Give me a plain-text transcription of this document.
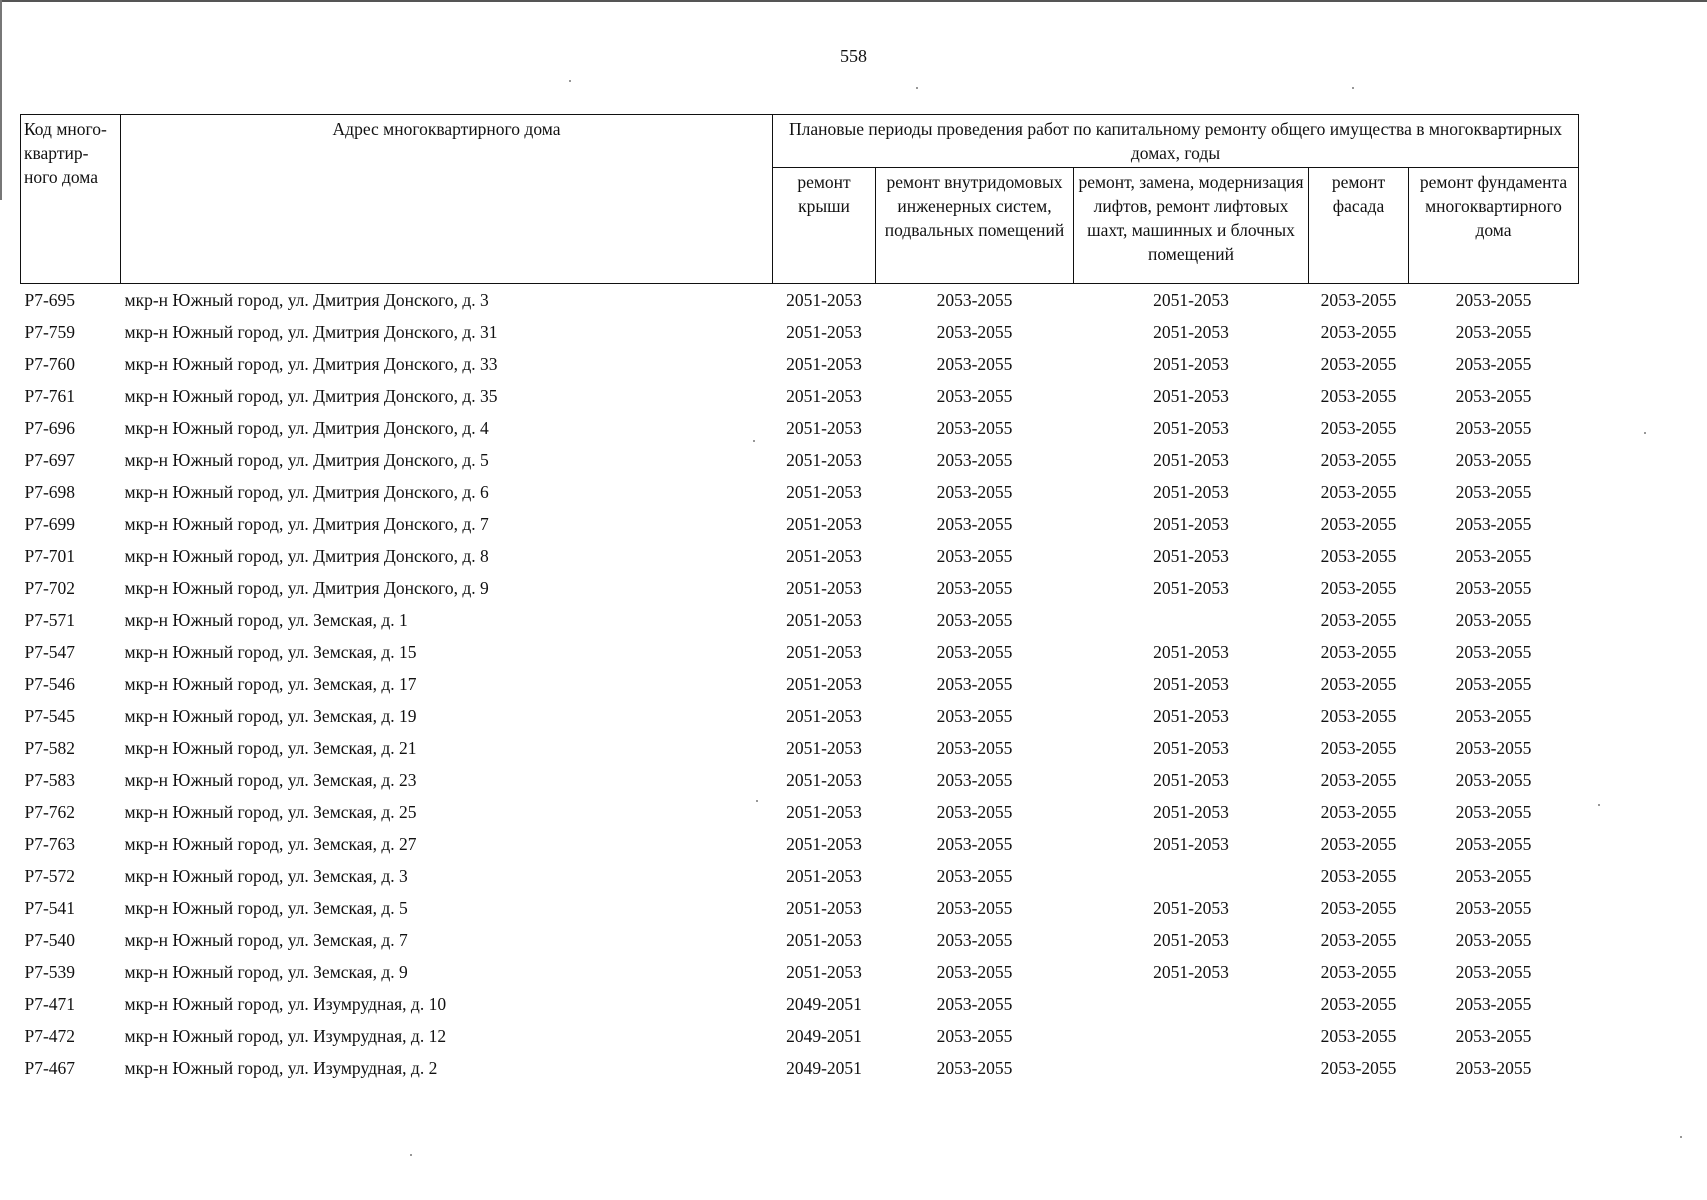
558
Код много-квартир-ного дома	Адрес многоквартирного дома	Плановые периоды проведения работ по капитальному ремонту общего имущества в многоквартирных домах, годы				
		ремонт крыши	ремонт внутридомовых инженерных систем, подвальных помещений	ремонт, замена, модернизация лифтов, ремонт лифтовых шахт, машинных и блочных помещений	ремонт фасада	ремонт фундамента многоквартирного дома
Р7-695	мкр-н Южный город, ул. Дмитрия Донского, д. 3	2051-2053	2053-2055	2051-2053	2053-2055	2053-2055
Р7-759	мкр-н Южный город, ул. Дмитрия Донского, д. 31	2051-2053	2053-2055	2051-2053	2053-2055	2053-2055
Р7-760	мкр-н Южный город, ул. Дмитрия Донского, д. 33	2051-2053	2053-2055	2051-2053	2053-2055	2053-2055
Р7-761	мкр-н Южный город, ул. Дмитрия Донского, д. 35	2051-2053	2053-2055	2051-2053	2053-2055	2053-2055
Р7-696	мкр-н Южный город, ул. Дмитрия Донского, д. 4	2051-2053	2053-2055	2051-2053	2053-2055	2053-2055
Р7-697	мкр-н Южный город, ул. Дмитрия Донского, д. 5	2051-2053	2053-2055	2051-2053	2053-2055	2053-2055
Р7-698	мкр-н Южный город, ул. Дмитрия Донского, д. 6	2051-2053	2053-2055	2051-2053	2053-2055	2053-2055
Р7-699	мкр-н Южный город, ул. Дмитрия Донского, д. 7	2051-2053	2053-2055	2051-2053	2053-2055	2053-2055
Р7-701	мкр-н Южный город, ул. Дмитрия Донского, д. 8	2051-2053	2053-2055	2051-2053	2053-2055	2053-2055
Р7-702	мкр-н Южный город, ул. Дмитрия Донского, д. 9	2051-2053	2053-2055	2051-2053	2053-2055	2053-2055
Р7-571	мкр-н Южный город, ул. Земская, д. 1	2051-2053	2053-2055		2053-2055	2053-2055
Р7-547	мкр-н Южный город, ул. Земская, д. 15	2051-2053	2053-2055	2051-2053	2053-2055	2053-2055
Р7-546	мкр-н Южный город, ул. Земская, д. 17	2051-2053	2053-2055	2051-2053	2053-2055	2053-2055
Р7-545	мкр-н Южный город, ул. Земская, д. 19	2051-2053	2053-2055	2051-2053	2053-2055	2053-2055
Р7-582	мкр-н Южный город, ул. Земская, д. 21	2051-2053	2053-2055	2051-2053	2053-2055	2053-2055
Р7-583	мкр-н Южный город, ул. Земская, д. 23	2051-2053	2053-2055	2051-2053	2053-2055	2053-2055
Р7-762	мкр-н Южный город, ул. Земская, д. 25	2051-2053	2053-2055	2051-2053	2053-2055	2053-2055
Р7-763	мкр-н Южный город, ул. Земская, д. 27	2051-2053	2053-2055	2051-2053	2053-2055	2053-2055
Р7-572	мкр-н Южный город, ул. Земская, д. 3	2051-2053	2053-2055		2053-2055	2053-2055
Р7-541	мкр-н Южный город, ул. Земская, д. 5	2051-2053	2053-2055	2051-2053	2053-2055	2053-2055
Р7-540	мкр-н Южный город, ул. Земская, д. 7	2051-2053	2053-2055	2051-2053	2053-2055	2053-2055
Р7-539	мкр-н Южный город, ул. Земская, д. 9	2051-2053	2053-2055	2051-2053	2053-2055	2053-2055
Р7-471	мкр-н Южный город, ул. Изумрудная, д. 10	2049-2051	2053-2055		2053-2055	2053-2055
Р7-472	мкр-н Южный город, ул. Изумрудная, д. 12	2049-2051	2053-2055		2053-2055	2053-2055
Р7-467	мкр-н Южный город, ул. Изумрудная, д. 2	2049-2051	2053-2055		2053-2055	2053-2055
